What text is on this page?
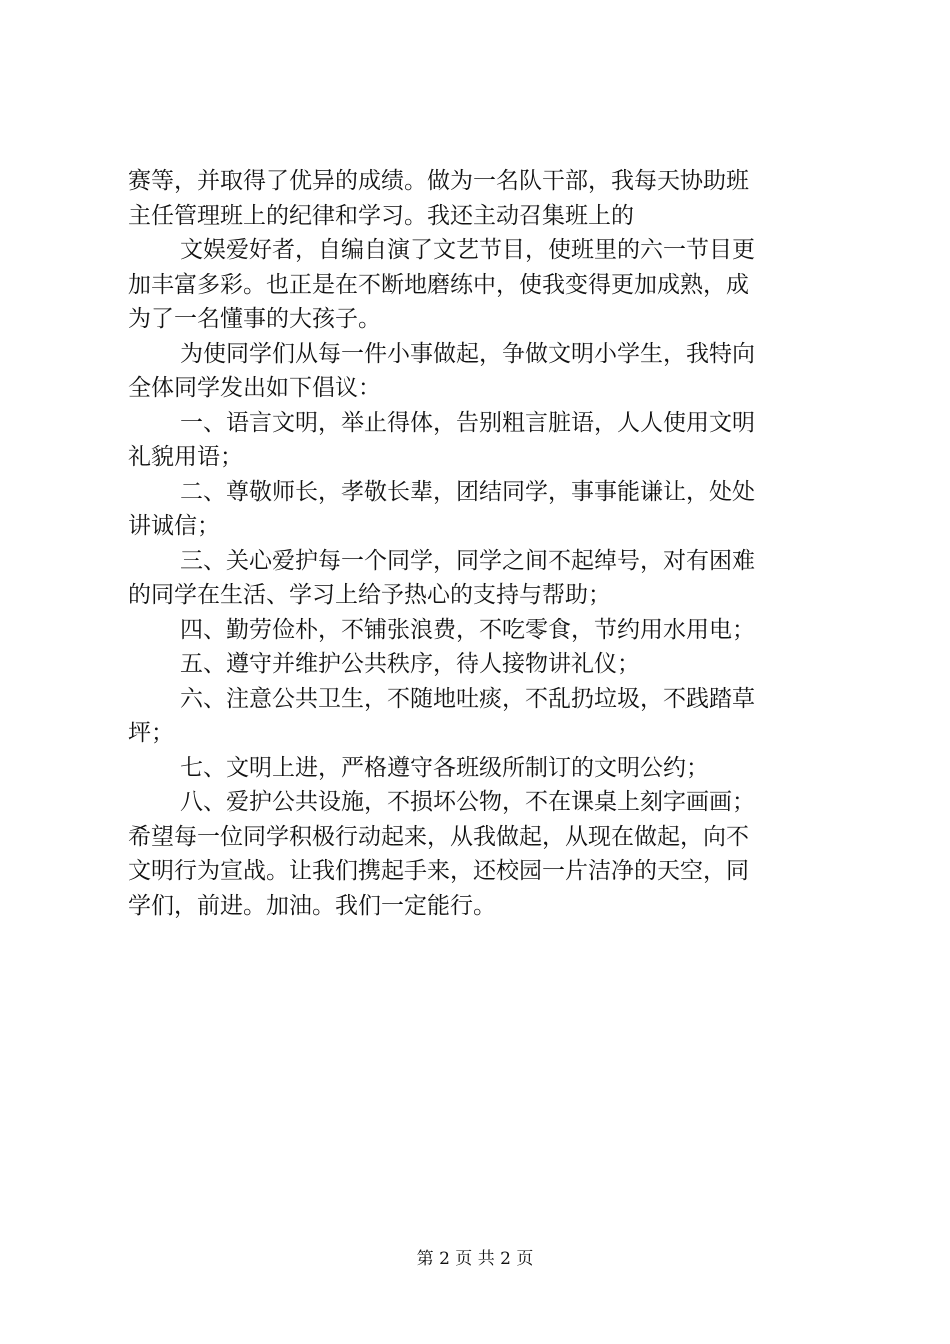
赛等，并取得了优异的成绩。做为一名队干部，我每天协助班
主任管理班上的纪律和学习。我还主动召集班上的
文娱爱好者，自编自演了文艺节目，使班里的六一节目更
加丰富多彩。也正是在不断地磨练中，使我变得更加成熟，成
为了一名懂事的大孩子。
为使同学们从每一件小事做起，争做文明小学生，我特向
全体同学发出如下倡议：
一、语言文明，举止得体，告别粗言脏语，人人使用文明
礼貌用语；
二、尊敬师长，孝敬长辈，团结同学，事事能谦让，处处
讲诚信；
三、关心爱护每一个同学，同学之间不起绰号，对有困难
的同学在生活、学习上给予热心的支持与帮助；
四、勤劳俭朴，不铺张浪费，不吃零食，节约用水用电；
五、遵守并维护公共秩序，待人接物讲礼仪；
六、注意公共卫生，不随地吐痰，不乱扔垃圾，不践踏草
坪；
七、文明上进，严格遵守各班级所制订的文明公约；
八、爱护公共设施，不损坏公物，不在课桌上刻字画画；
希望每一位同学积极行动起来，从我做起，从现在做起，向不
文明行为宣战。让我们携起手来，还校园一片洁净的天空，同
学们，前进。加油。我们一定能行。
第 2 页 共 2 页
